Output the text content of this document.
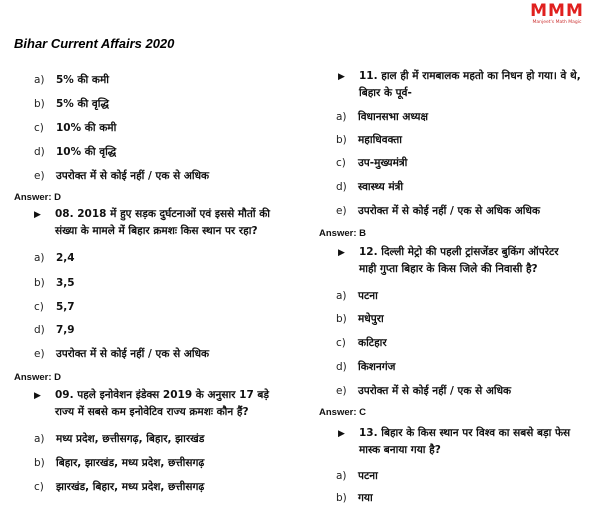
Bihar Current Affairs 2020
MMM
Manjeet's Math Magic
a) 5% की कमी
b) 5% की वृद्धि
c) 10% की कमी
d) 10% की वृद्धि
e) उपरोक्त में से कोई नहीं / एक से अधिक
Answer: D
▶ 08. 2018 में हुए सड़क दुर्घटनाओं एवं इससे मौतों की
संख्या के मामले में बिहार क्रमशः किस स्थान पर रहा?
a) 2,4
b) 3,5
c) 5,7
d) 7,9
e) उपरोक्त में से कोई नहीं / एक से अधिक
Answer: D
▶ 09. पहले इनोवेशन इंडेक्स 2019 के अनुसार 17 बड़े
राज्य में सबसे कम इनोवेटिव राज्य क्रमशः कौन हैं?
a) मध्य प्रदेश, छत्तीसगढ़, बिहार, झारखंड
b) बिहार, झारखंड, मध्य प्रदेश, छत्तीसगढ़
c) झारखंड, बिहार, मध्य प्रदेश, छत्तीसगढ़
▶ 11. हाल ही में रामबालक महतो का निधन हो गया। वे थे,
बिहार के पूर्व-
a) विधानसभा अध्यक्ष
b) महाधिवक्ता
c) उप-मुख्यमंत्री
d) स्वास्थ्य मंत्री
e) उपरोक्त में से कोई नहीं / एक से अधिक अधिक
Answer: B
▶ 12. दिल्ली मेट्रो की पहली ट्रांसजेंडर बुकिंग ऑपरेटर
माही गुप्ता बिहार के किस जिले की निवासी है?
a) पटना
b) मधेपुरा
c) कटिहार
d) किशनगंज
e) उपरोक्त में से कोई नहीं / एक से अधिक
Answer: C
▶ 13. बिहार के किस स्थान पर विश्व का सबसे बड़ा फेस
मास्क बनाया गया है?
a) पटना
b) गया
